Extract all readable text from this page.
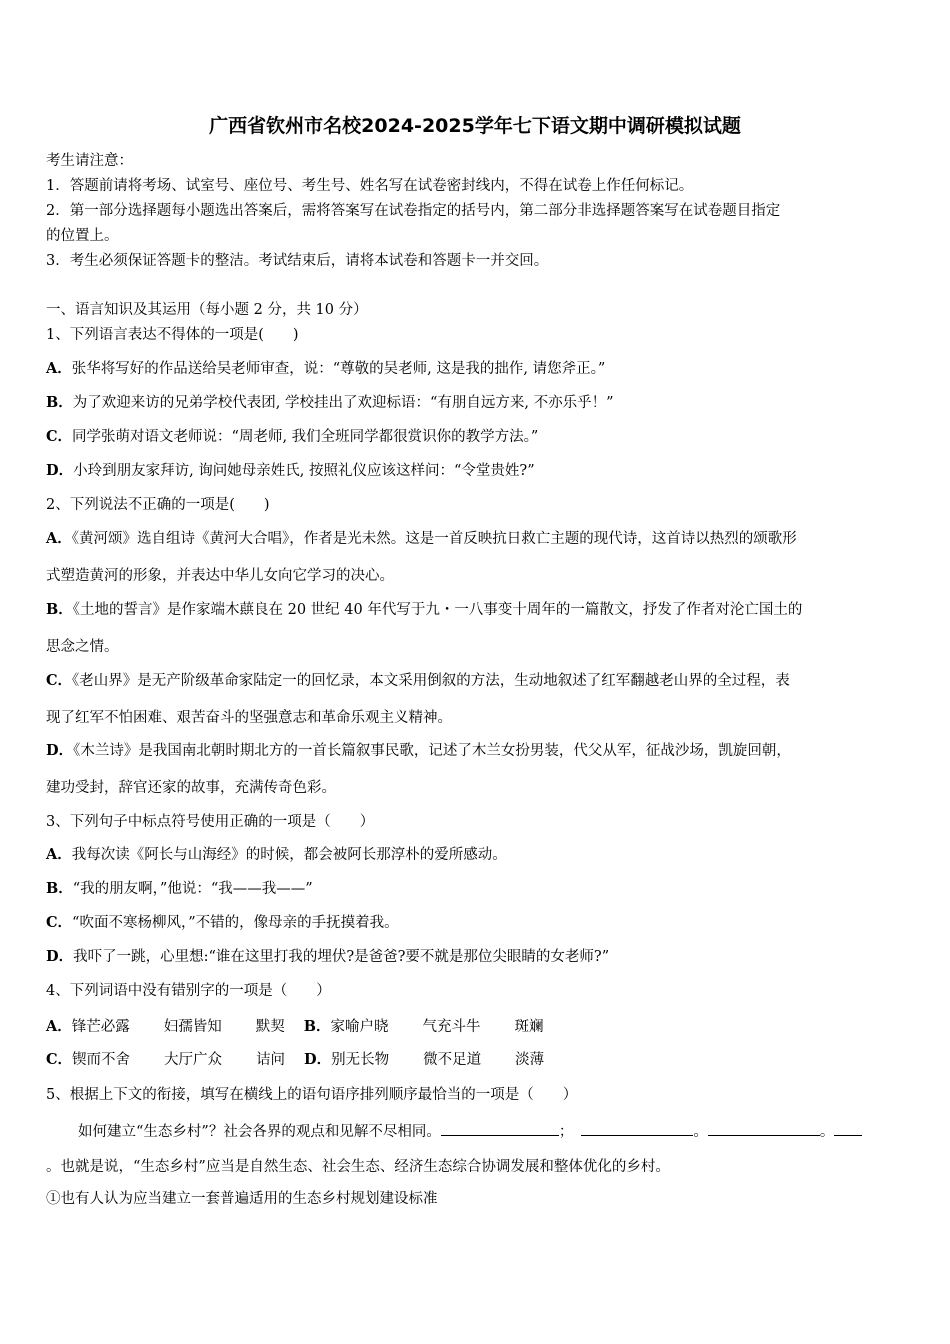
广西省钦州市名校2024-2025学年七下语文期中调研模拟试题
考生请注意：
1．答题前请将考场、试室号、座位号、考生号、姓名写在试卷密封线内，不得在试卷上作任何标记。
2．第一部分选择题每小题选出答案后，需将答案写在试卷指定的括号内，第二部分非选择题答案写在试卷题目指定
的位置上。
3．考生必须保证答题卡的整洁。考试结束后，请将本试卷和答题卡一并交回。
一、语言知识及其运用（每小题 2 分，共 10 分）
1、下列语言表达不得体的一项是(　　)
A．张华将写好的作品送给吴老师审查，说：“尊敬的吴老师, 这是我的拙作, 请您斧正。”
B．为了欢迎来访的兄弟学校代表团, 学校挂出了欢迎标语：“有朋自远方来, 不亦乐乎！”
C．同学张萌对语文老师说：“周老师, 我们全班同学都很赏识你的教学方法。”
D．小玲到朋友家拜访, 询问她母亲姓氏, 按照礼仪应该这样问：“令堂贵姓?”
2、下列说法不正确的一项是(　　)
A．《黄河颂》选自组诗《黄河大合唱》，作者是光未然。这是一首反映抗日救亡主题的现代诗，这首诗以热烈的颂歌形
式塑造黄河的形象，并表达中华儿女向它学习的决心。
B．《土地的誓言》是作家端木蕻良在 20 世纪 40 年代写于九・一八事变十周年的一篇散文，抒发了作者对沦亡国土的
思念之情。
C．《老山界》是无产阶级革命家陆定一的回忆录，本文采用倒叙的方法，生动地叙述了红军翻越老山界的全过程，表
现了红军不怕困难、艰苦奋斗的坚强意志和革命乐观主义精神。
D．《木兰诗》是我国南北朝时期北方的一首长篇叙事民歌，记述了木兰女扮男装，代父从军，征战沙场，凯旋回朝，
建功受封，辞官还家的故事，充满传奇色彩。
3、下列句子中标点符号使用正确的一项是（　　）
A．我每次读《阿长与山海经》的时候，都会被阿长那淳朴的爱所感动。
B．“我的朋友啊，”他说：“我——我——”
C．“吹面不寒杨柳风，”不错的，像母亲的手抚摸着我。
D．我吓了一跳，心里想:“谁在这里打我的埋伏?是爸爸?要不就是那位尖眼睛的女老师?”
4、下列词语中没有错别字的一项是（　　）
A．锋芒必露 妇孺皆知 默契 B．家喻户晓 气充斗牛 斑斓
C．锲而不舍 大厅广众 诘问 D．别无长物 微不足道 淡薄
5、根据上下文的衔接，填写在横线上的语句语序排列顺序最恰当的一项是（　　）
如何建立“生态乡村”？社会各界的观点和见解不尽相同。	；	。	。
。也就是说，“生态乡村”应当是自然生态、社会生态、经济生态综合协调发展和整体优化的乡村。
①也有人认为应当建立一套普遍适用的生态乡村规划建设标准
